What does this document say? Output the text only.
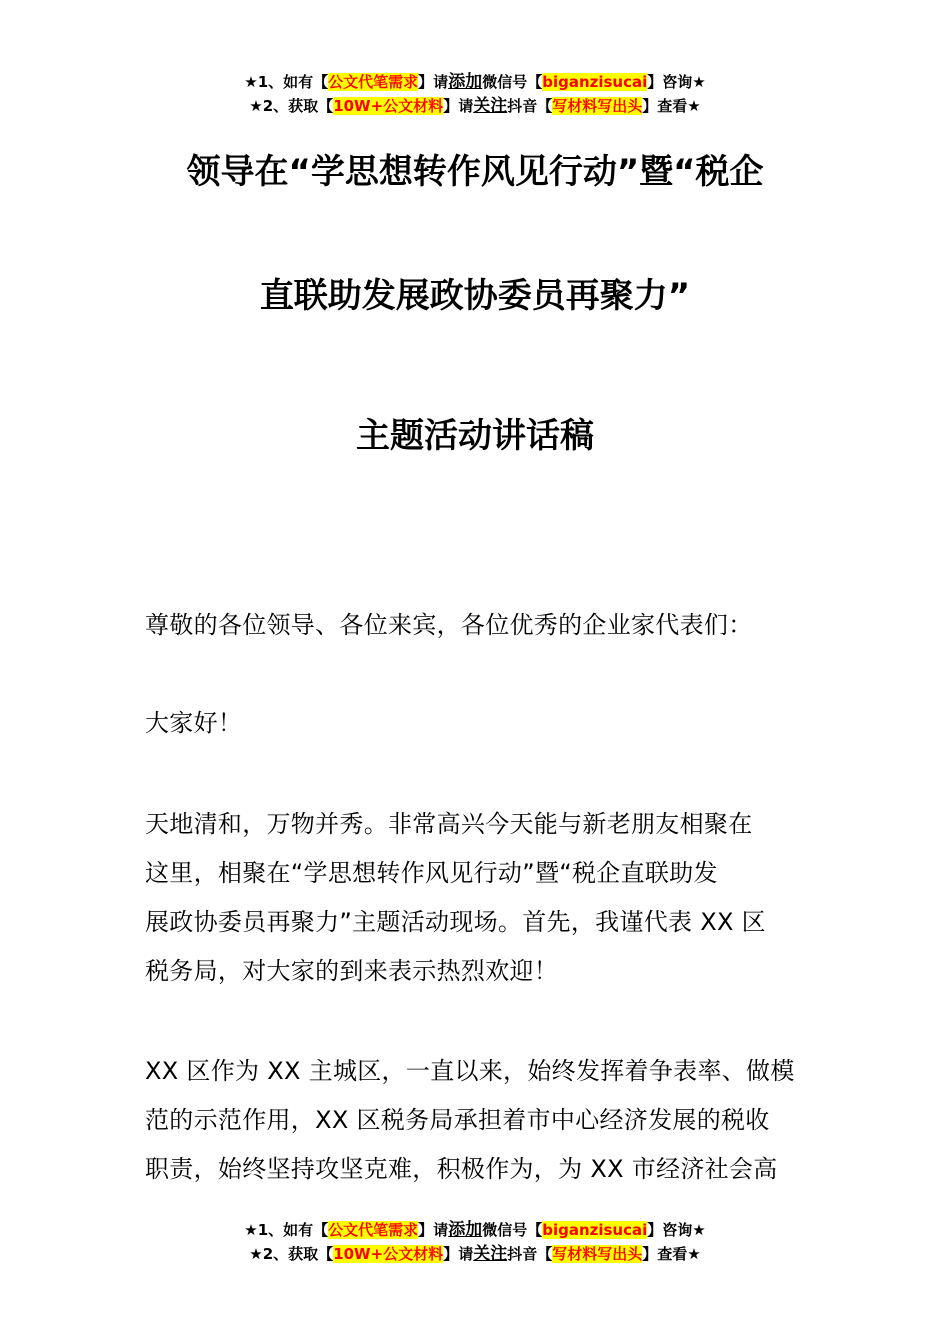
★1、如有【公文代笔需求】请添加微信号【biganzisucai】咨询★
★2、获取【10W+公文材料】请关注抖音【写材料写出头】查看★
领导在“学思想转作风见行动”暨“税企
直联助发展政协委员再聚力”
主题活动讲话稿
尊敬的各位领导、各位来宾，各位优秀的企业家代表们：
大家好！
天地清和，万物并秀。非常高兴今天能与新老朋友相聚在
这里，相聚在“学思想转作风见行动”暨“税企直联助发
展政协委员再聚力”主题活动现场。首先，我谨代表 XX 区
税务局，对大家的到来表示热烈欢迎！
XX 区作为 XX 主城区，一直以来，始终发挥着争表率、做模
范的示范作用，XX 区税务局承担着市中心经济发展的税收
职责，始终坚持攻坚克难，积极作为，为 XX 市经济社会高
★1、如有【公文代笔需求】请添加微信号【biganzisucai】咨询★
★2、获取【10W+公文材料】请关注抖音【写材料写出头】查看★
